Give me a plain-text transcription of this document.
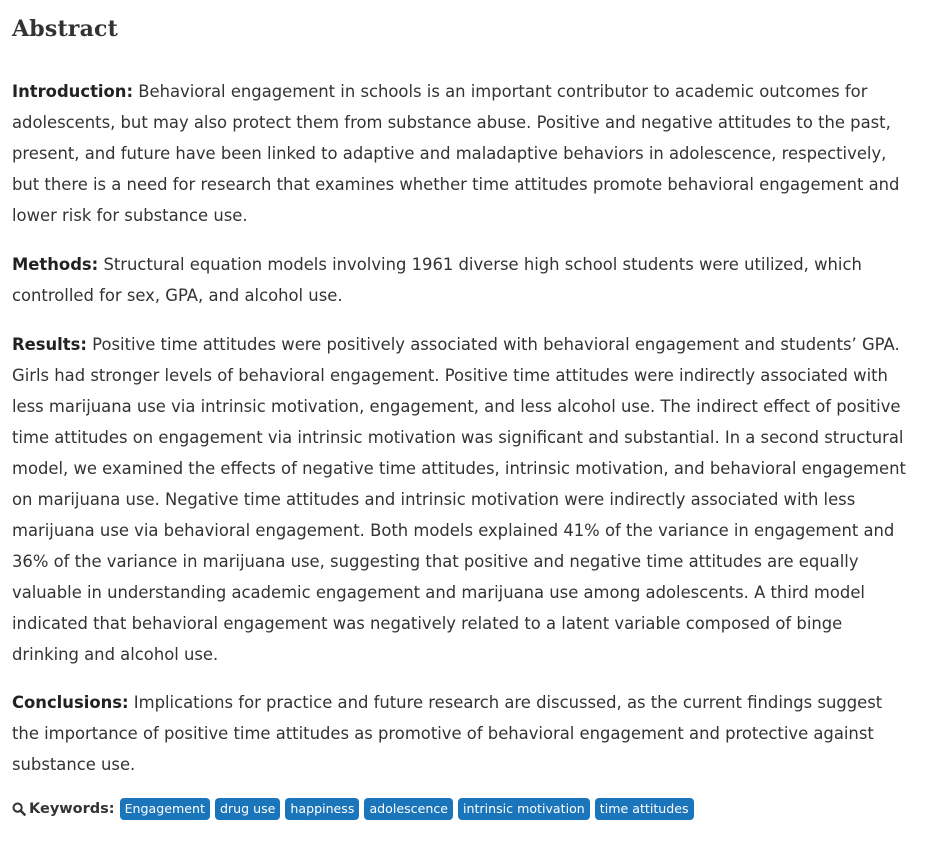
Abstract

Introduction: Behavioral engagement in schools is an important contributor to academic outcomes for adolescents, but may also protect them from substance abuse. Positive and negative attitudes to the past, present, and future have been linked to adaptive and maladaptive behaviors in adolescence, respectively, but there is a need for research that examines whether time attitudes promote behavioral engagement and lower risk for substance use.

Methods: Structural equation models involving 1961 diverse high school students were utilized, which controlled for sex, GPA, and alcohol use.

Results: Positive time attitudes were positively associated with behavioral engagement and students’ GPA. Girls had stronger levels of behavioral engagement. Positive time attitudes were indirectly associated with less marijuana use via intrinsic motivation, engagement, and less alcohol use. The indirect effect of positive time attitudes on engagement via intrinsic motivation was significant and substantial. In a second structural model, we examined the effects of negative time attitudes, intrinsic motivation, and behavioral engagement on marijuana use. Negative time attitudes and intrinsic motivation were indirectly associated with less marijuana use via behavioral engagement. Both models explained 41% of the variance in engagement and 36% of the variance in marijuana use, suggesting that positive and negative time attitudes are equally valuable in understanding academic engagement and marijuana use among adolescents. A third model indicated that behavioral engagement was negatively related to a latent variable composed of binge drinking and alcohol use.

Conclusions: Implications for practice and future research are discussed, as the current findings suggest the importance of positive time attitudes as promotive of behavioral engagement and protective against substance use.

Keywords: Engagement	drug use	happiness	adolescence	intrinsic motivation	time attitudes
